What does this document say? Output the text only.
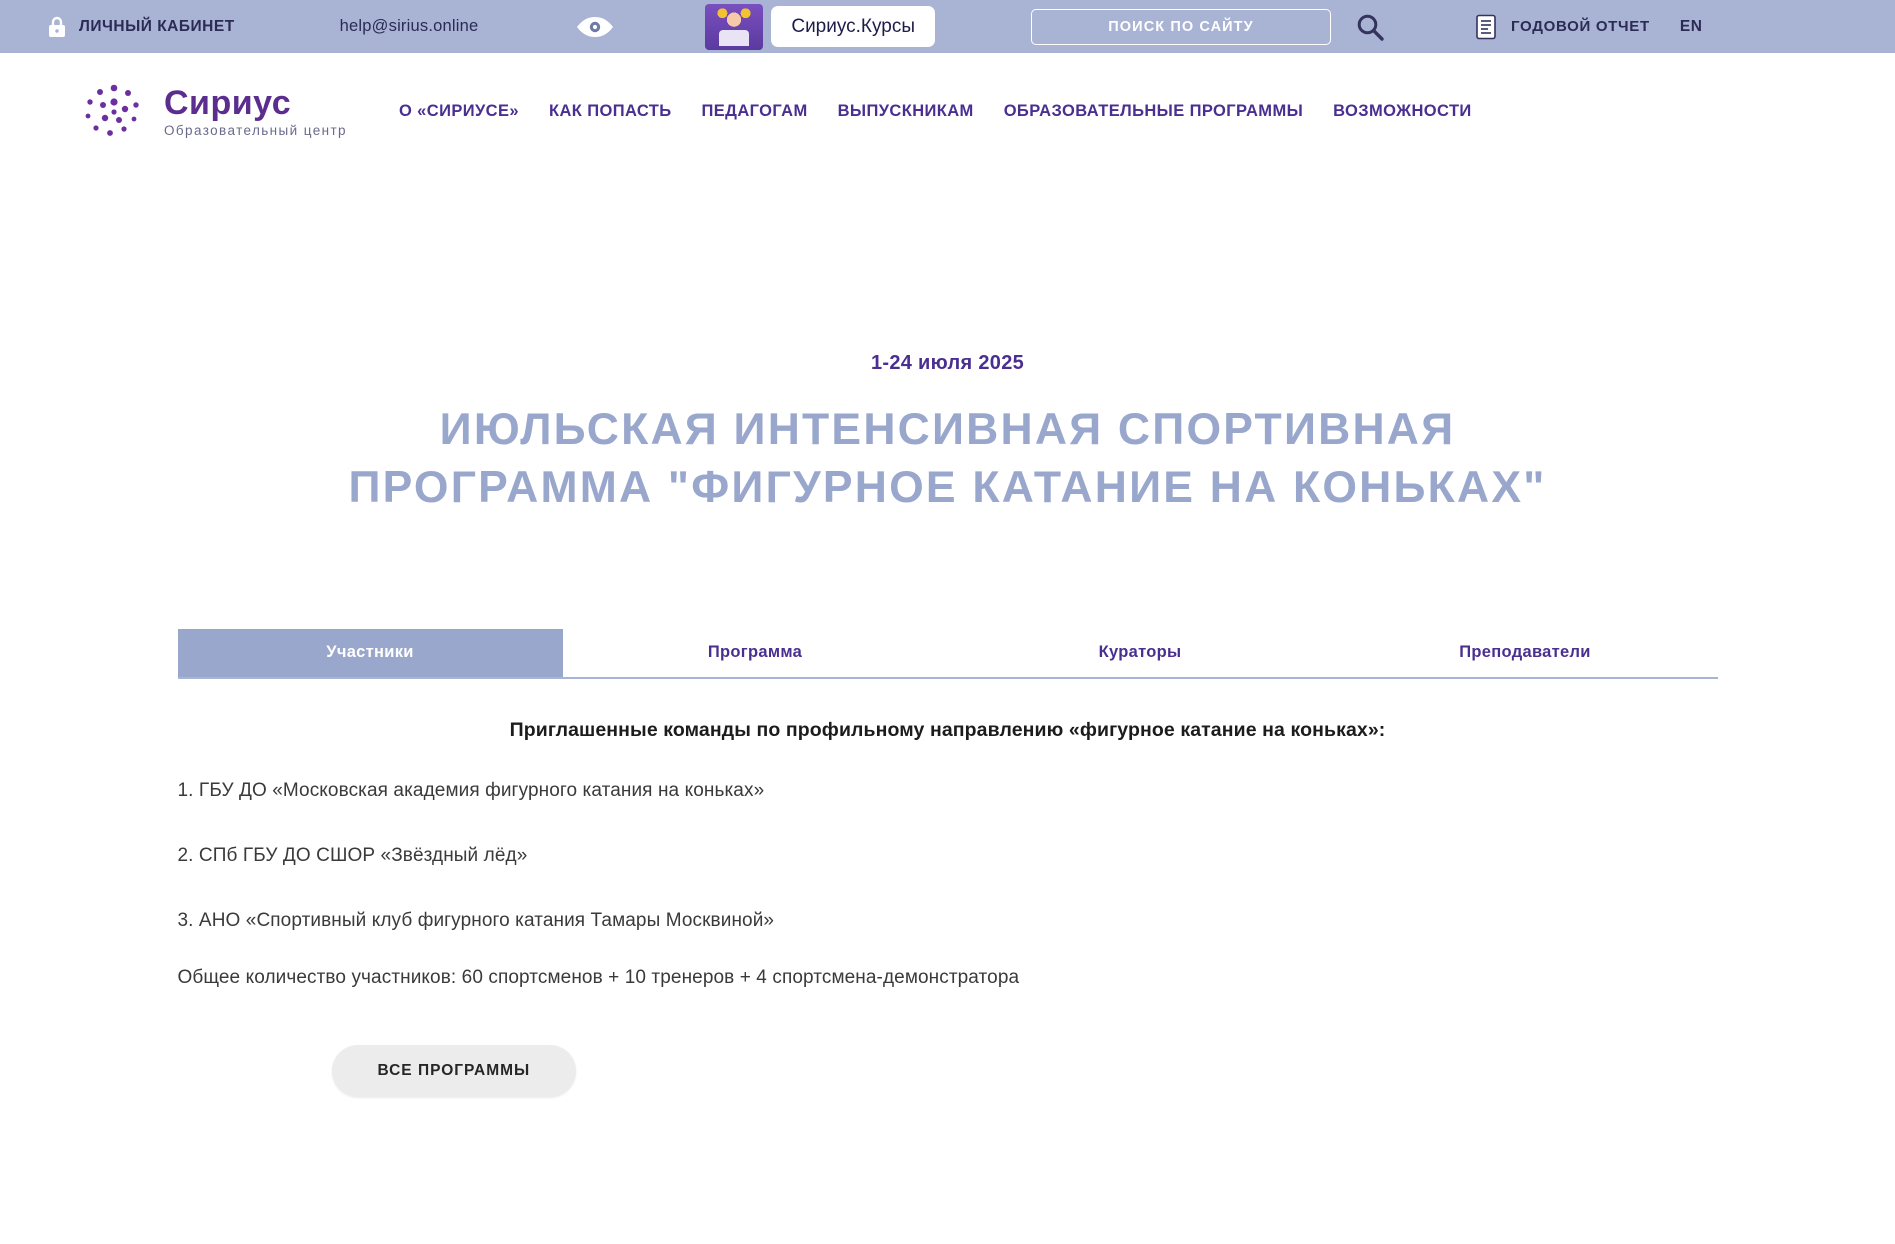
ЛИЧНЫЙ КАБИНЕТ	help@sirius.online	Сириус.Курсы	ПОИСК ПО САЙТУ	ГОДОВОЙ ОТЧЕТ EN
Сириус
Образовательный центр
О «СИРИУСЕ» КАК ПОПАСТЬ ПЕДАГОГАМ ВЫПУСКНИКАМ ОБРАЗОВАТЕЛЬНЫЕ ПРОГРАММЫ ВОЗМОЖНОСТИ
1-24 июля 2025
ИЮЛЬСКАЯ ИНТЕНСИВНАЯ СПОРТИВНАЯ ПРОГРАММА "ФИГУРНОЕ КАТАНИЕ НА КОНЬКАХ"
Участники	Программа	Кураторы	Преподаватели
Приглашенные команды по профильному направлению «фигурное катание на коньках»:
1. ГБУ ДО «Московская академия фигурного катания на коньках»
2. СПб ГБУ ДО СШОР «Звёздный лёд»
3. АНО «Спортивный клуб фигурного катания Тамары Москвиной»
Общее количество участников: 60 спортсменов + 10 тренеров + 4 спортсмена-демонстратора
ВСЕ ПРОГРАММЫ
